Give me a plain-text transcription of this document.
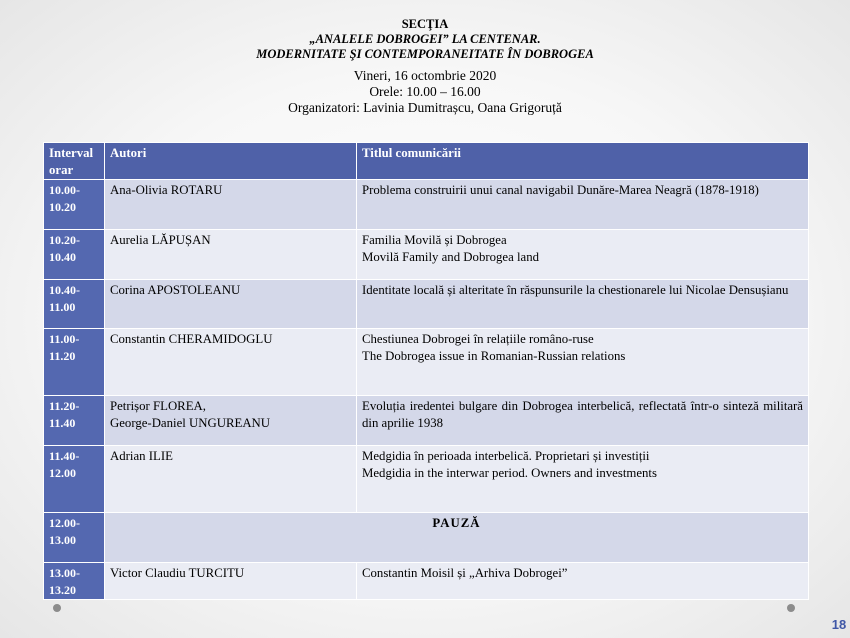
SECŢIA
„ANALELE DOBROGEI” LA CENTENAR.
MODERNITATE ŞI CONTEMPORANEITATE ÎN DOBROGEA
Vineri, 16 octombrie 2020
Orele: 10.00 – 16.00
Organizatori: Lavinia Dumitrașcu, Oana Grigoruță
Interval orar	Autori	Titlul comunicării
10.00-10.20	Ana-Olivia ROTARU	Problema construirii unui canal navigabil Dunăre-Marea Neagră (1878-1918)

10.20-10.40	Aurelia LĂPUȘAN	Familia Movilă și Dobrogea
Movilă Family and Dobrogea land

10.40-11.00	Corina APOSTOLEANU	Identitate locală și alteritate în răspunsurile la chestionarele lui Nicolae Densușianu

11.00-11.20	Constantin CHERAMIDOGLU	Chestiunea Dobrogei în relațiile româno-ruse
The Dobrogea issue in Romanian-Russian relations

11.20-11.40	Petrișor FLOREA,
George-Daniel UNGUREANU	Evoluția iredentei bulgare din Dobrogea interbelică, reflectată într-o sinteză militară din aprilie 1938

11.40-12.00	Adrian ILIE	Medgidia în perioada interbelică. Proprietari și investiții
Medgidia in the interwar period. Owners and investments

12.00-13.00	PAUZĂ	
13.00-13.20	Victor Claudiu TURCITU	Constantin Moisil și „Arhiva Dobrogei”
18
